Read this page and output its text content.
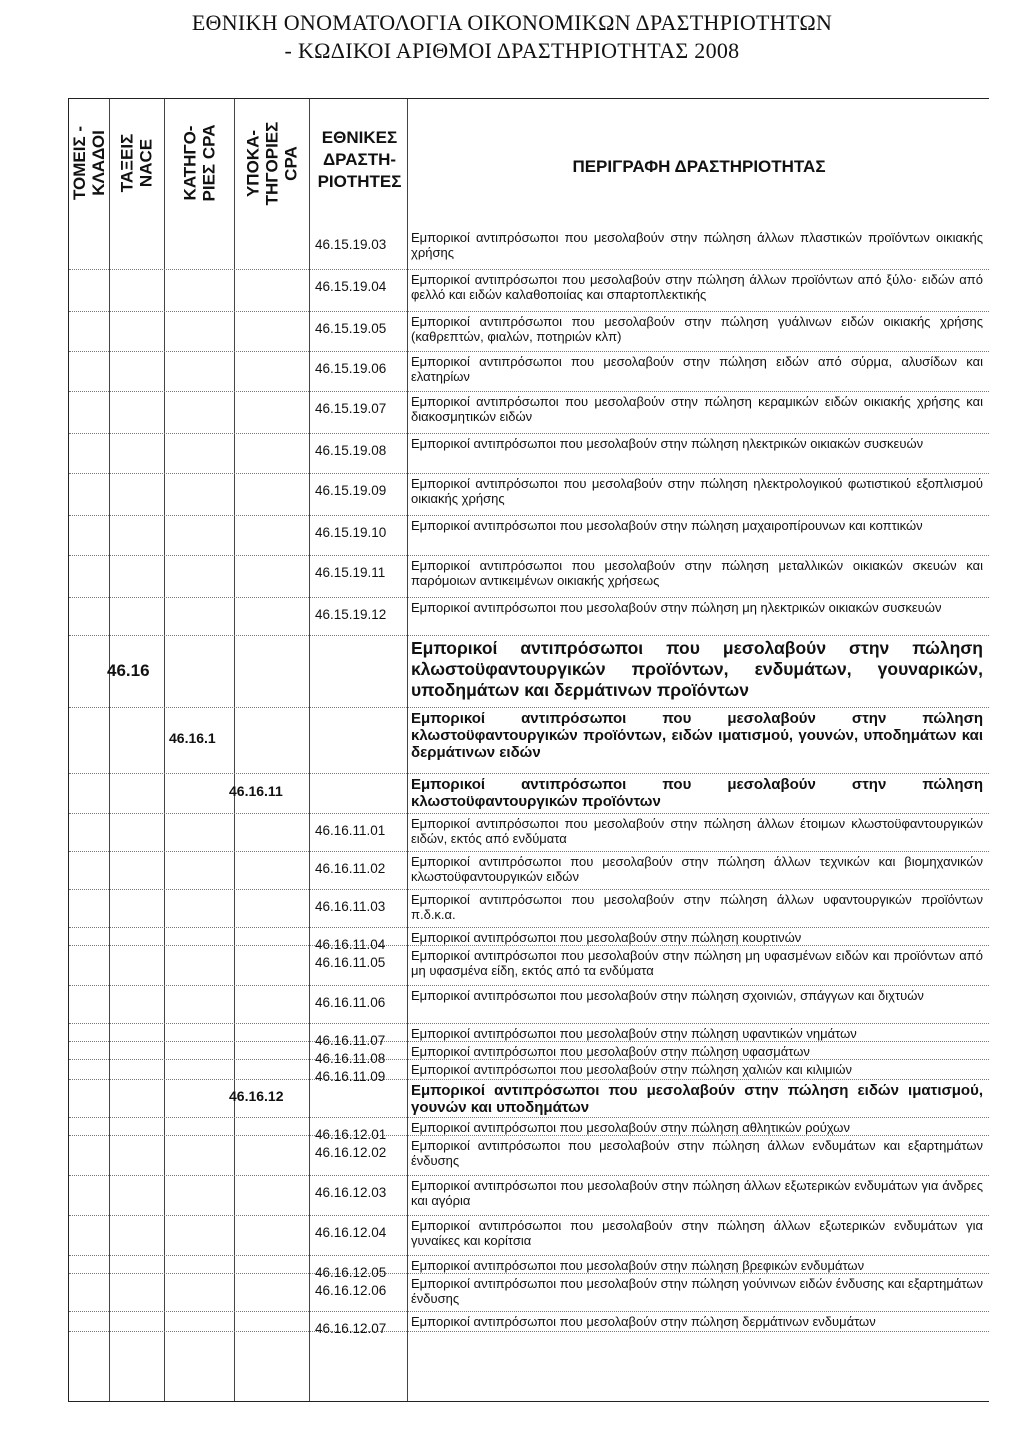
ΕΘΝΙΚΗ ΟΝΟΜΑΤΟΛΟΓΙΑ ΟΙΚΟΝΟΜΙΚΩΝ ΔΡΑΣΤΗΡΙΟΤΗΤΩΝ
- ΚΩΔΙΚΟΙ ΑΡΙΘΜΟΙ ΔΡΑΣΤΗΡΙΟΤΗΤΑΣ 2008
ΤΟΜΕΙΣ -
ΚΛΑΔΟΙ ΤΑΞΕΙΣ
NACE ΚΑΤΗΓΟ-
ΡΙΕΣ CPA ΥΠΟΚΑ-
ΤΗΓΟΡΙΕΣ
CPA
ΕΘΝΙΚΕΣ
ΔΡΑΣΤΗ-
ΡΙΟΤΗΤΕΣ
ΠΕΡΙΓΡΑΦΗ ΔΡΑΣΤΗΡΙΟΤΗΤΑΣ
46.15.19.03 Εμπορικοί αντιπρόσωποι που μεσολαβούν στην πώληση άλλων πλαστικών προϊόντων οικιακής χρήσης
46.15.19.04 Εμπορικοί αντιπρόσωποι που μεσολαβούν στην πώληση άλλων προϊόντων από ξύλο· ειδών από φελλό και ειδών καλαθοποιίας και σπαρτοπλεκτικής
46.15.19.05 Εμπορικοί αντιπρόσωποι που μεσολαβούν στην πώληση γυάλινων ειδών οικιακής χρήσης (καθρεπτών, φιαλών, ποτηριών κλπ)
46.15.19.06 Εμπορικοί αντιπρόσωποι που μεσολαβούν στην πώληση ειδών από σύρμα, αλυσίδων και ελατηρίων
46.15.19.07 Εμπορικοί αντιπρόσωποι που μεσολαβούν στην πώληση κεραμικών ειδών οικιακής χρήσης και διακοσμητικών ειδών
46.15.19.08 Εμπορικοί αντιπρόσωποι που μεσολαβούν στην πώληση ηλεκτρικών οικιακών συσκευών
46.15.19.09 Εμπορικοί αντιπρόσωποι που μεσολαβούν στην πώληση ηλεκτρολογικού φωτιστικού εξοπλισμού οικιακής χρήσης
46.15.19.10 Εμπορικοί αντιπρόσωποι που μεσολαβούν στην πώληση μαχαιροπίρουνων και κοπτικών
46.15.19.11 Εμπορικοί αντιπρόσωποι που μεσολαβούν στην πώληση μεταλλικών οικιακών σκευών και παρόμοιων αντικειμένων οικιακής χρήσεως
46.15.19.12 Εμπορικοί αντιπρόσωποι που μεσολαβούν στην πώληση μη ηλεκτρικών οικιακών συσκευών
46.16
Εμπορικοί αντιπρόσωποι που μεσολαβούν στην πώληση κλωστοϋφαντουργικών προϊόντων, ενδυμάτων, γουναρικών, υποδημάτων και δερμάτινων προϊόντων
46.16.1
Εμπορικοί αντιπρόσωποι που μεσολαβούν στην πώληση κλωστοϋφαντουργικών προϊόντων, ειδών ιματισμού, γουνών, υποδημάτων και δερμάτινων ειδών
46.16.11	Εμπορικοί αντιπρόσωποι που μεσολαβούν στην πώληση κλωστοϋφαντουργικών προϊόντων
46.16.11.01 Εμπορικοί αντιπρόσωποι που μεσολαβούν στην πώληση άλλων έτοιμων κλωστοϋφαντουργικών ειδών, εκτός από ενδύματα
46.16.11.02 Εμπορικοί αντιπρόσωποι που μεσολαβούν στην πώληση άλλων τεχνικών και βιομηχανικών κλωστοϋφαντουργικών ειδών
46.16.11.03 Εμπορικοί αντιπρόσωποι που μεσολαβούν στην πώληση άλλων υφαντουργικών προϊόντων π.δ.κ.α.
46.16.11.04 Εμπορικοί αντιπρόσωποι που μεσολαβούν στην πώληση κουρτινών
46.16.11.05 Εμπορικοί αντιπρόσωποι που μεσολαβούν στην πώληση μη υφασμένων ειδών και προϊόντων από μη υφασμένα είδη, εκτός από τα ενδύματα
46.16.11.06 Εμπορικοί αντιπρόσωποι που μεσολαβούν στην πώληση σχοινιών, σπάγγων και διχτυών
46.16.11.07 Εμπορικοί αντιπρόσωποι που μεσολαβούν στην πώληση υφαντικών νημάτων
46.16.11.08 Εμπορικοί αντιπρόσωποι που μεσολαβούν στην πώληση υφασμάτων
46.16.11.09 Εμπορικοί αντιπρόσωποι που μεσολαβούν στην πώληση χαλιών και κιλιμιών
46.16.12	Εμπορικοί αντιπρόσωποι που μεσολαβούν στην πώληση ειδών ιματισμού, γουνών και υποδημάτων
46.16.12.01 Εμπορικοί αντιπρόσωποι που μεσολαβούν στην πώληση αθλητικών ρούχων
46.16.12.02 Εμπορικοί αντιπρόσωποι που μεσολαβούν στην πώληση άλλων ενδυμάτων και εξαρτημάτων ένδυσης
46.16.12.03 Εμπορικοί αντιπρόσωποι που μεσολαβούν στην πώληση άλλων εξωτερικών ενδυμάτων για άνδρες και αγόρια
46.16.12.04 Εμπορικοί αντιπρόσωποι που μεσολαβούν στην πώληση άλλων εξωτερικών ενδυμάτων για γυναίκες και κορίτσια
46.16.12.05 Εμπορικοί αντιπρόσωποι που μεσολαβούν στην πώληση βρεφικών ενδυμάτων
46.16.12.06 Εμπορικοί αντιπρόσωποι που μεσολαβούν στην πώληση γούνινων ειδών ένδυσης και εξαρτημάτων ένδυσης
46.16.12.07 Εμπορικοί αντιπρόσωποι που μεσολαβούν στην πώληση δερμάτινων ενδυμάτων
